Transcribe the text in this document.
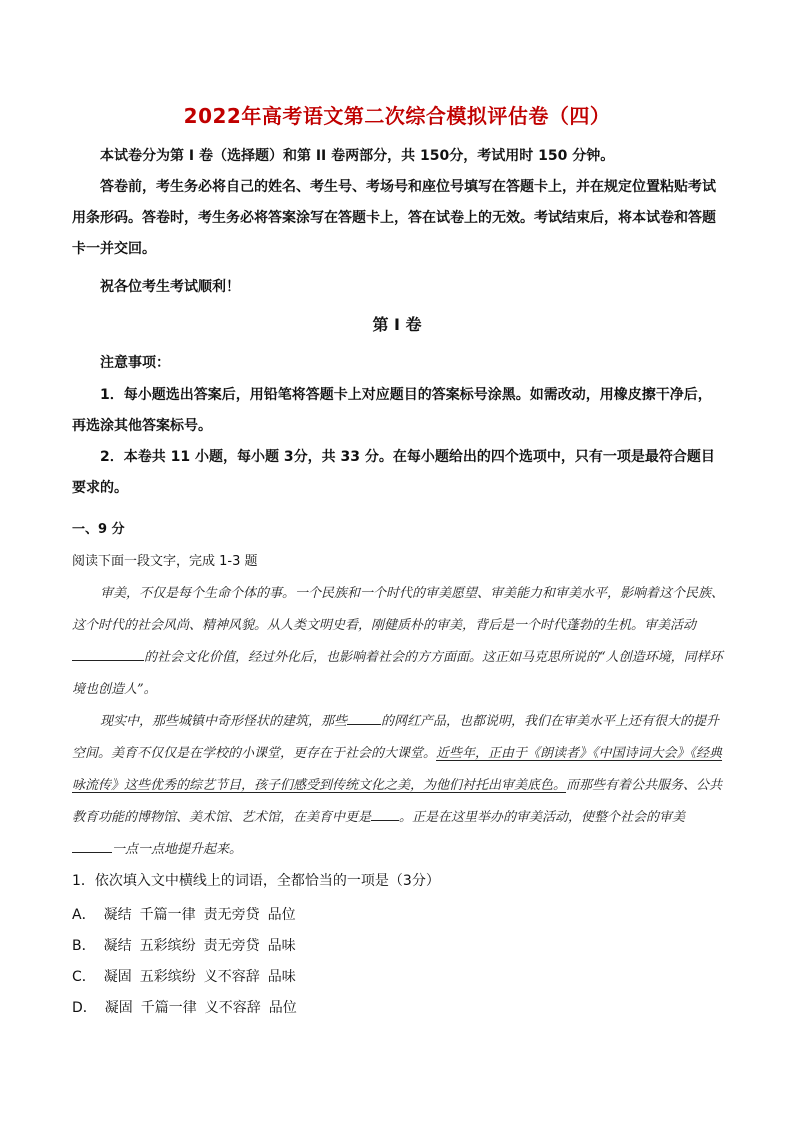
2022年高考语文第二次综合模拟评估卷（四）
本试卷分为第 I 卷（选择题）和第 II 卷两部分，共 150分，考试用时 150 分钟。
答卷前，考生务必将自己的姓名、考生号、考场号和座位号填写在答题卡上，并在规定位置粘贴考试用条形码。答卷时，考生务必将答案涂写在答题卡上，答在试卷上的无效。考试结束后，将本试卷和答题卡一并交回。
祝各位考生考试顺利！
第 I 卷
注意事项：
1．每小题选出答案后，用铅笔将答题卡上对应题目的答案标号涂黑。如需改动，用橡皮擦干净后，再选涂其他答案标号。
2．本卷共 11 小题，每小题 3分，共 33 分。在每小题给出的四个选项中，只有一项是最符合题目要求的。
一、9 分
阅读下面一段文字，完成 1-3 题
审美，不仅是每个生命个体的事。一个民族和一个时代的审美愿望、审美能力和审美水平，影响着这个民族、这个时代的社会风尚、精神风貌。从人类文明史看，刚健质朴的审美，背后是一个时代蓬勃的生机。审美活动的社会文化价值，经过外化后，也影响着社会的方方面面。这正如马克思所说的“人创造环境，同样环境也创造人”。
现实中，那些城镇中奇形怪状的建筑，那些	的网红产品，也都说明，我们在审美水平上还有很大的提升空间。美育不仅仅是在学校的小课堂，更存在于社会的大课堂。近些年，正由于《朗读者》《中国诗词大会》《经典咏流传》这些优秀的综艺节目，孩子们感受到传统文化之美，为他们衬托出审美底色。而那些有着公共服务、公共教育功能的博物馆、美术馆、艺术馆，在美育中更是 。正是在这里举办的审美活动，使整个社会的审美一点一点地提升起来。
1．依次填入文中横线上的词语，全都恰当的一项是（3分）
A． 凝结 千篇一律 责无旁贷 品位
B． 凝结 五彩缤纷 责无旁贷 品味
C． 凝固 五彩缤纷 义不容辞 品味
D． 凝固 千篇一律 义不容辞 品位
